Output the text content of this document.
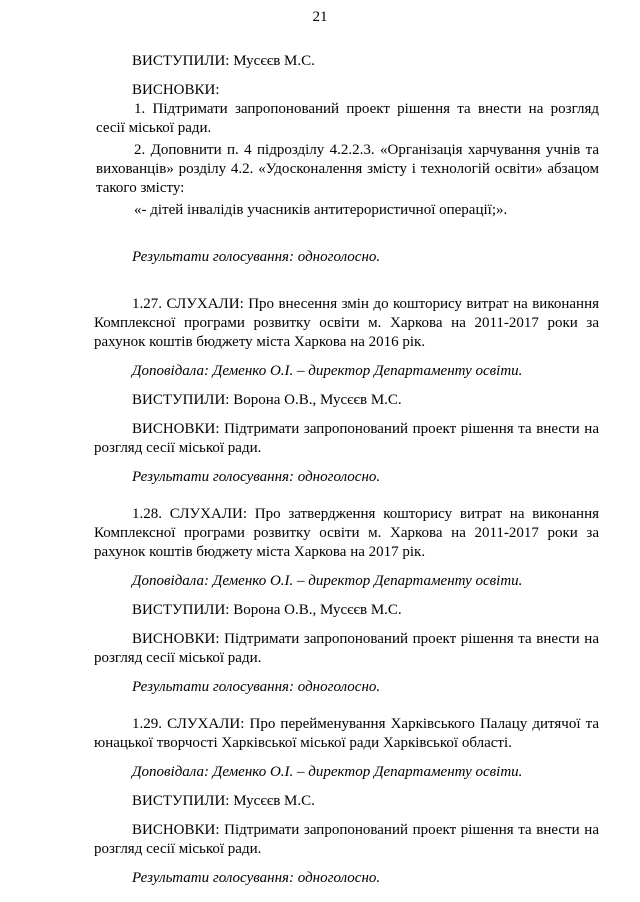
21

ВИСТУПИЛИ: Мусєєв М.С.

ВИСНОВКИ:

1. Підтримати запропонований проект рішення та внести на розгляд сесії міської ради.

2. Доповнити п. 4 підрозділу 4.2.2.3. «Організація харчування учнів та вихованців» розділу 4.2. «Удосконалення змісту і технологій освіти» абзацом такого змісту:

«- дітей інвалідів учасників антитерористичної операції;».

Результати голосування: одноголосно.

1.27. СЛУХАЛИ: Про внесення змін до кошторису витрат на виконання Комплексної програми розвитку освіти м. Харкова на 2011-2017 роки за рахунок коштів бюджету міста Харкова на 2016 рік.

Доповідала: Деменко О.І. – директор Департаменту освіти.

ВИСТУПИЛИ: Ворона О.В., Мусєєв М.С.

ВИСНОВКИ: Підтримати запропонований проект рішення та внести на розгляд сесії міської ради.

Результати голосування: одноголосно.

1.28. СЛУХАЛИ: Про затвердження кошторису витрат на виконання Комплексної програми розвитку освіти м. Харкова на 2011-2017 роки за рахунок коштів бюджету міста Харкова на 2017 рік.

Доповідала: Деменко О.І. – директор Департаменту освіти.

ВИСТУПИЛИ: Ворона О.В., Мусєєв М.С.

ВИСНОВКИ: Підтримати запропонований проект рішення та внести на розгляд сесії міської ради.

Результати голосування: одноголосно.

1.29. СЛУХАЛИ: Про перейменування Харківського Палацу дитячої та юнацької творчості Харківської міської ради Харківської області.

Доповідала: Деменко О.І. – директор Департаменту освіти.

ВИСТУПИЛИ: Мусєєв М.С.

ВИСНОВКИ: Підтримати запропонований проект рішення та внести на розгляд сесії міської ради.

Результати голосування: одноголосно.
